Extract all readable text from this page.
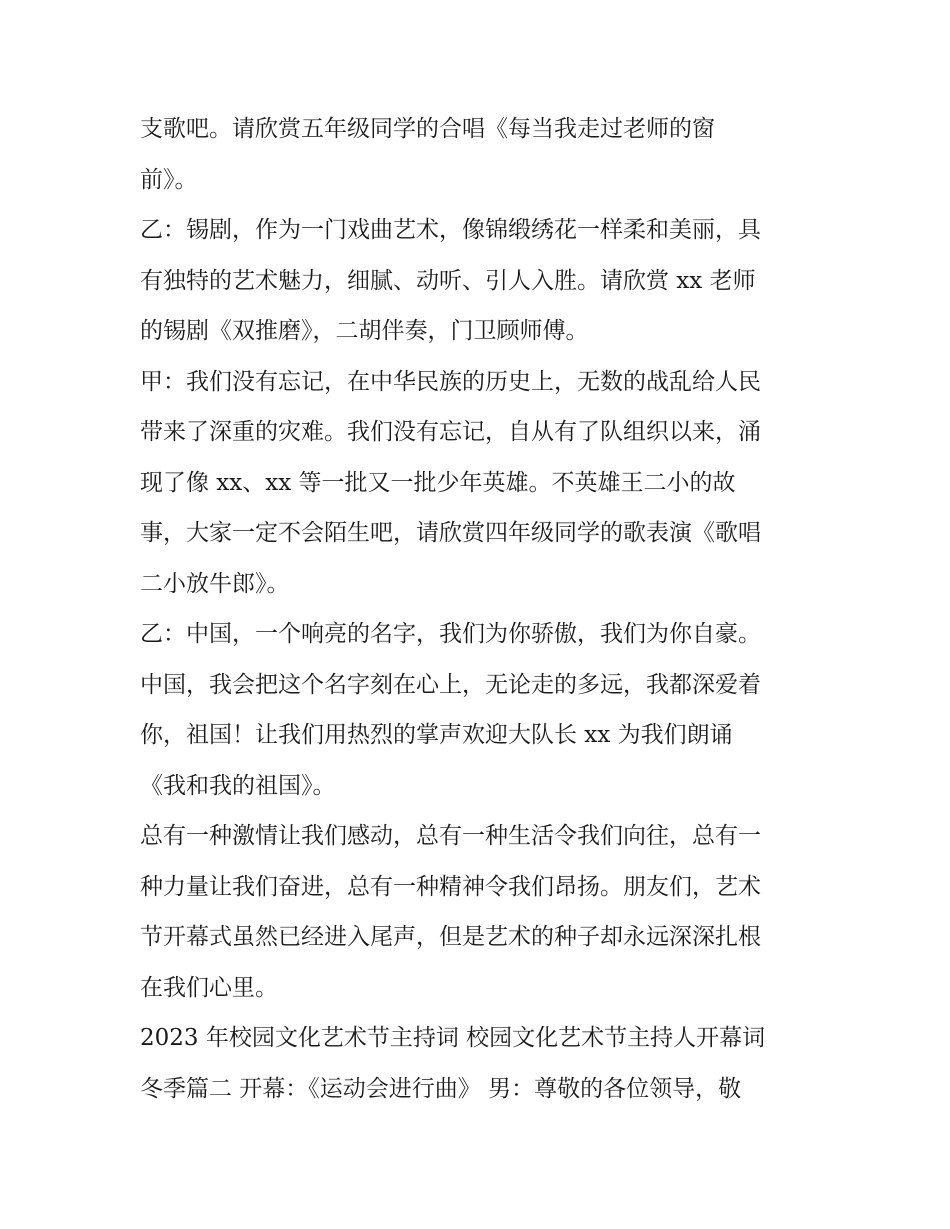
支歌吧。请欣赏五年级同学的合唱《每当我走过老师的窗
前》。
乙：锡剧，作为一门戏曲艺术，像锦缎绣花一样柔和美丽，具
有独特的艺术魅力，细腻、动听、引人入胜。请欣赏 xx 老师
的锡剧《双推磨》，二胡伴奏，门卫顾师傅。
甲：我们没有忘记，在中华民族的历史上，无数的战乱给人民
带来了深重的灾难。我们没有忘记，自从有了队组织以来，涌
现了像 xx、xx 等一批又一批少年英雄。不英雄王二小的故
事，大家一定不会陌生吧，请欣赏四年级同学的歌表演《歌唱
二小放牛郎》。
乙：中国，一个响亮的名字，我们为你骄傲，我们为你自豪。
中国，我会把这个名字刻在心上，无论走的多远，我都深爱着
你，祖国！让我们用热烈的掌声欢迎大队长 xx 为我们朗诵
《我和我的祖国》。
总有一种激情让我们感动，总有一种生活令我们向往，总有一
种力量让我们奋进，总有一种精神令我们昂扬。朋友们，艺术
节开幕式虽然已经进入尾声，但是艺术的种子却永远深深扎根
在我们心里。
2023 年校园文化艺术节主持词 校园文化艺术节主持人开幕词
冬季篇二 开幕：《运动会进行曲》 男：尊敬的各位领导，敬
